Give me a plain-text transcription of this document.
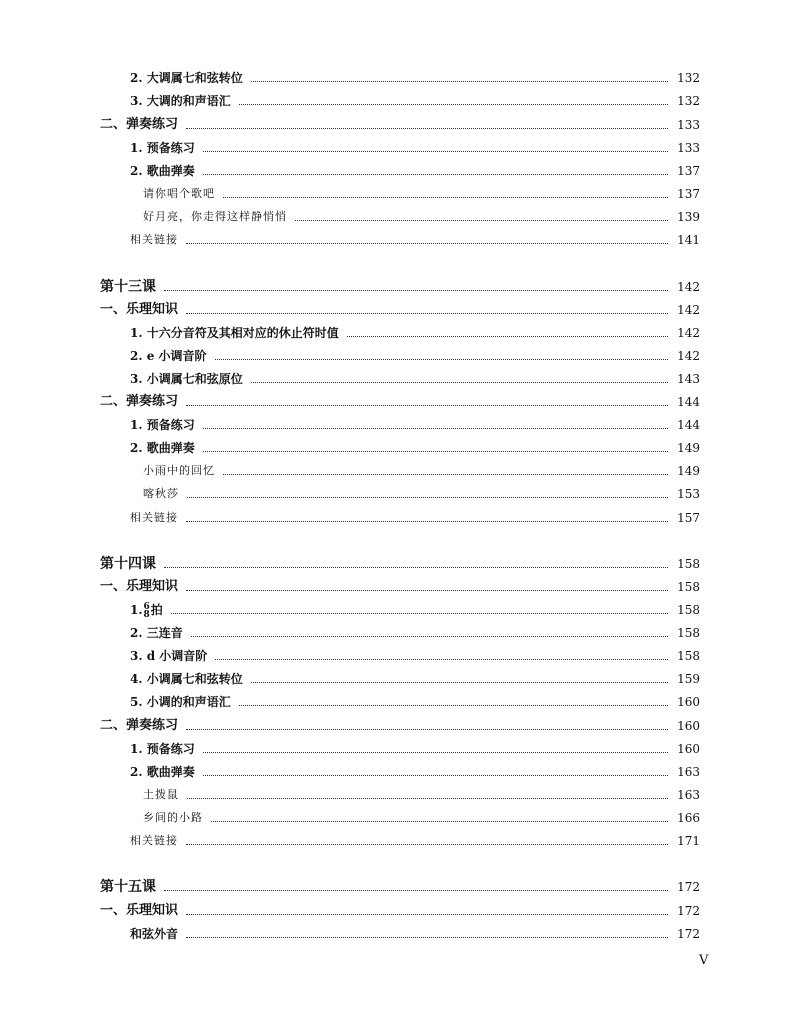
2. 大调属七和弦转位	132
3. 大调的和声语汇	132
二、弹奏练习	133
1. 预备练习	133
2. 歌曲弹奏	137
请你唱个歌吧	137
好月亮，你走得这样静悄悄	139
相关链接	141
第十三课	142
一、乐理知识	142
1. 十六分音符及其相对应的休止符时值	142
2. e 小调音阶	142
3. 小调属七和弦原位	143
二、弹奏练习	144
1. 预备练习	144
2. 歌曲弹奏	149
小雨中的回忆	149
喀秋莎	153
相关链接	157
第十四课	158
一、乐理知识	158
1. 6
8 拍	158
2. 三连音	158
3. d 小调音阶	158
4. 小调属七和弦转位	159
5. 小调的和声语汇	160
二、弹奏练习	160
1. 预备练习	160
2. 歌曲弹奏	163
土拨鼠	163
乡间的小路	166
相关链接	171
第十五课	172
一、乐理知识	172
和弦外音	172
V
